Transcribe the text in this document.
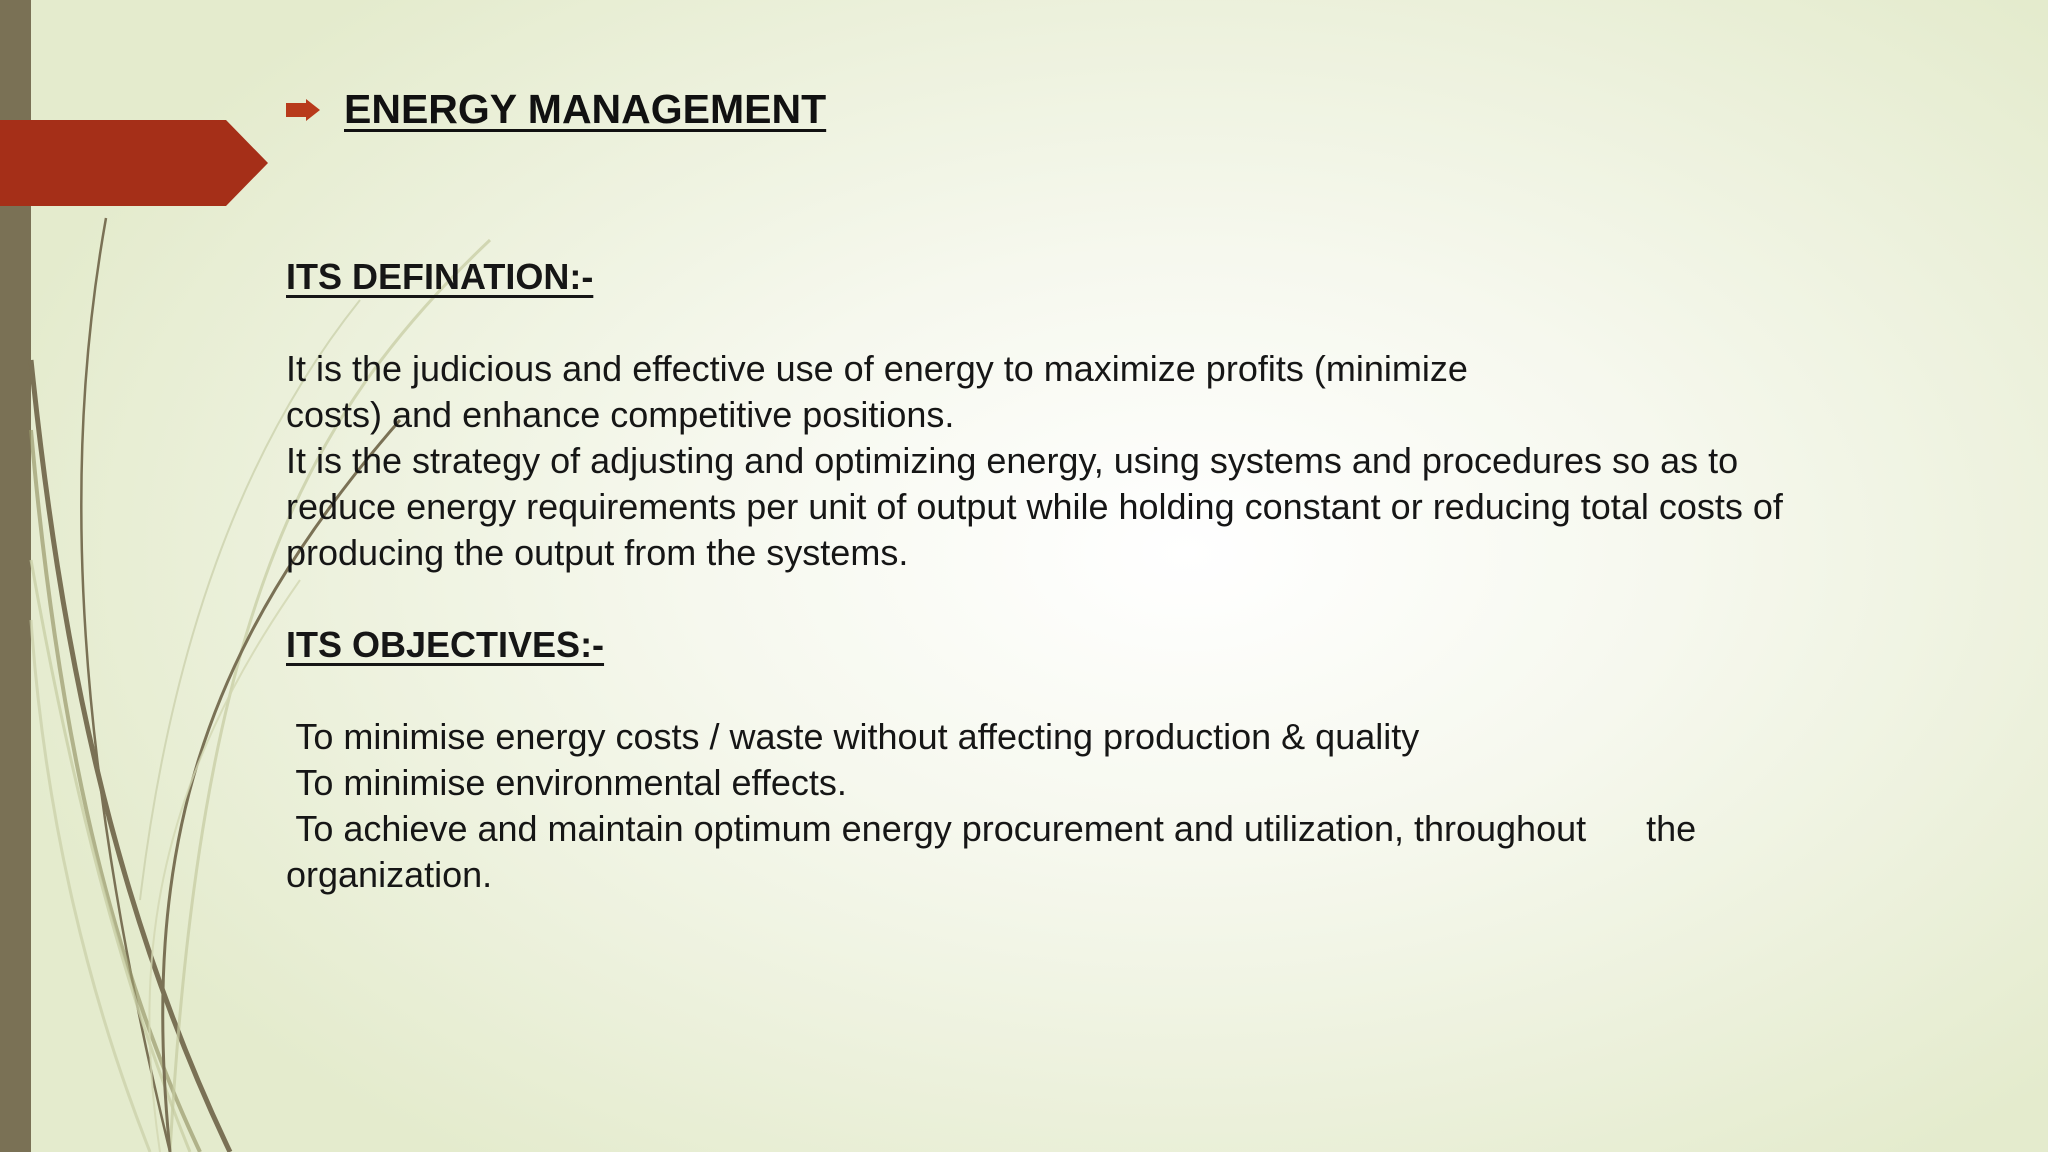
ENERGY MANAGEMENT

ITS DEFINATION:-

It is the judicious and effective use of energy to maximize profits (minimize

costs) and enhance competitive positions.

It is the strategy of adjusting and optimizing energy, using systems and procedures so as to

reduce energy requirements per unit of output while holding constant or reducing total costs of

producing the output from the systems.

ITS OBJECTIVES:-

To minimise energy costs / waste without affecting production & quality

To minimise environmental effects.

To achieve and maintain optimum energy procurement and utilization, throughout      the

organization.
